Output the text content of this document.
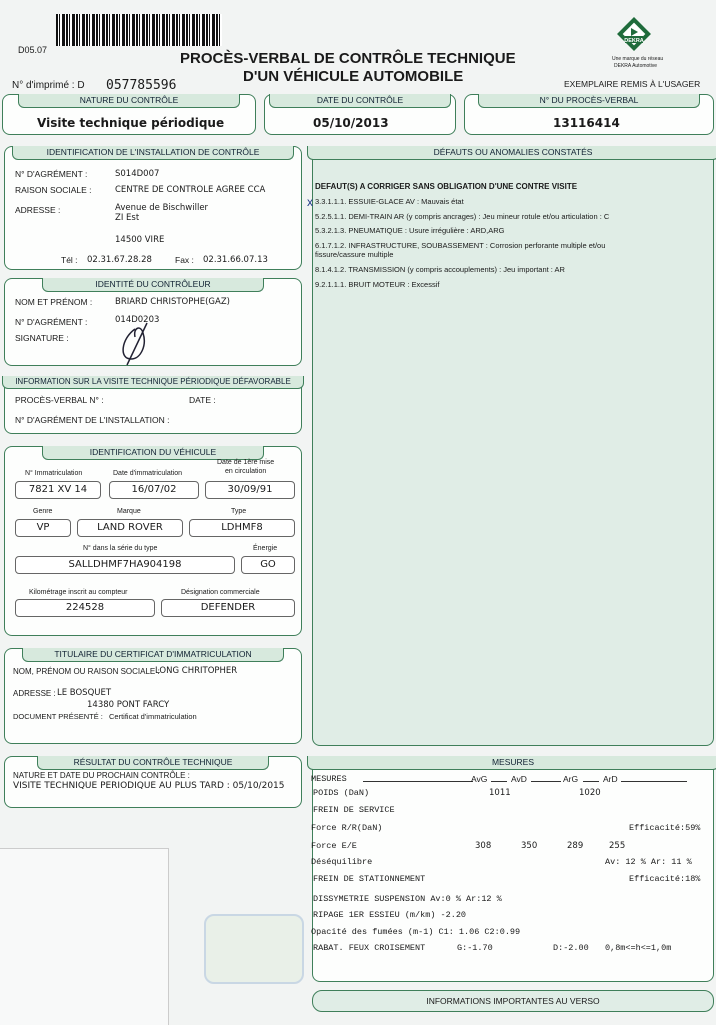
D05.07	PROCÈS-VERBAL DE CONTRÔLE TECHNIQUE
D'UN VÉHICULE AUTOMOBILE
N° d'imprimé : D 057785596	EXEMPLAIRE REMIS À L'USAGER
DEKRA
Une marque du réseau
DEKRA Automotive
NATURE DU CONTRÔLE
Visite technique périodique
DATE DU CONTRÔLE
05/10/2013
N° DU PROCÈS-VERBAL
13116414
IDENTIFICATION DE L'INSTALLATION DE CONTRÔLE
N° D'AGRÉMENT :	S014D007
RAISON SOCIALE :	CENTRE DE CONTROLE AGREE CCA
ADRESSE :	Avenue de Bischwiller
ZI Est
14500 VIRE
Tél : 02.31.67.28.28	Fax : 02.31.66.07.13
IDENTITÉ DU CONTRÔLEUR
NOM ET PRÉNOM :	BRIARD CHRISTOPHE(GAZ)
N° D'AGRÉMENT :	014D0203
SIGNATURE :
INFORMATION SUR LA VISITE TECHNIQUE PÉRIODIQUE DÉFAVORABLE
PROCÈS-VERBAL N° :	DATE :
N° D'AGRÉMENT DE L'INSTALLATION :
IDENTIFICATION DU VÉHICULE
N° Immatriculation
7821 XV 14
Date d'immatriculation
16/07/02
Date de 1ère mise
en circulation
30/09/91
Genre
VP
Marque
LAND ROVER
Type
LDHMF8
N° dans la série du type
SALLDHMF7HA904198
Énergie
GO
Kilométrage inscrit au compteur
224528
Désignation commerciale
DEFENDER
TITULAIRE DU CERTIFICAT D'IMMATRICULATION
NOM, PRÉNOM OU RAISON SOCIALE :
LONG CHRITOPHER
ADRESSE : LE BOSQUET
14380 PONT FARCY
DOCUMENT PRÉSENTÉ : Certificat d'immatriculation
RÉSULTAT DU CONTRÔLE TECHNIQUE
NATURE ET DATE DU PROCHAIN CONTRÔLE :
VISITE TECHNIQUE PERIODIQUE AU PLUS TARD : 05/10/2015
DÉFAUTS OU ANOMALIES CONSTATÉS
DEFAUT(S) A CORRIGER SANS OBLIGATION D'UNE CONTRE VISITE
x 3.3.1.1.1. ESSUIE-GLACE AV : Mauvais état
5.2.5.1.1. DEMI-TRAIN AR (y compris ancrages) : Jeu mineur rotule et/ou articulation : C
5.3.2.1.3. PNEUMATIQUE : Usure irrégulière : ARD,ARG
6.1.7.1.2. INFRASTRUCTURE, SOUBASSEMENT : Corrosion perforante multiple et/ou
fissure/cassure multiple
8.1.4.1.2. TRANSMISSION (y compris accouplements) : Jeu important : AR
9.2.1.1.1. BRUIT MOTEUR : Excessif
MESURES
MESURES	AvG	AvD	ArG	ArD
POIDS (DaN)	1011	1020
FREIN DE SERVICE
Force R/R(DaN)	Efficacité:59%
Force E/E	308	350	289	255
Déséquilibre	Av: 12 % Ar: 11 %
FREIN DE STATIONNEMENT	Efficacité:18%
DISSYMETRIE SUSPENSION Av:0 % Ar:12 %
RIPAGE 1ER ESSIEU (m/km) -2.20
Opacité des fumées (m-1) C1: 1.06 C2:0.99
RABAT. FEUX CROISEMENT	G:-1.70	D:-2.00 0,8m<=h<=1,0m
INFORMATIONS IMPORTANTES AU VERSO
